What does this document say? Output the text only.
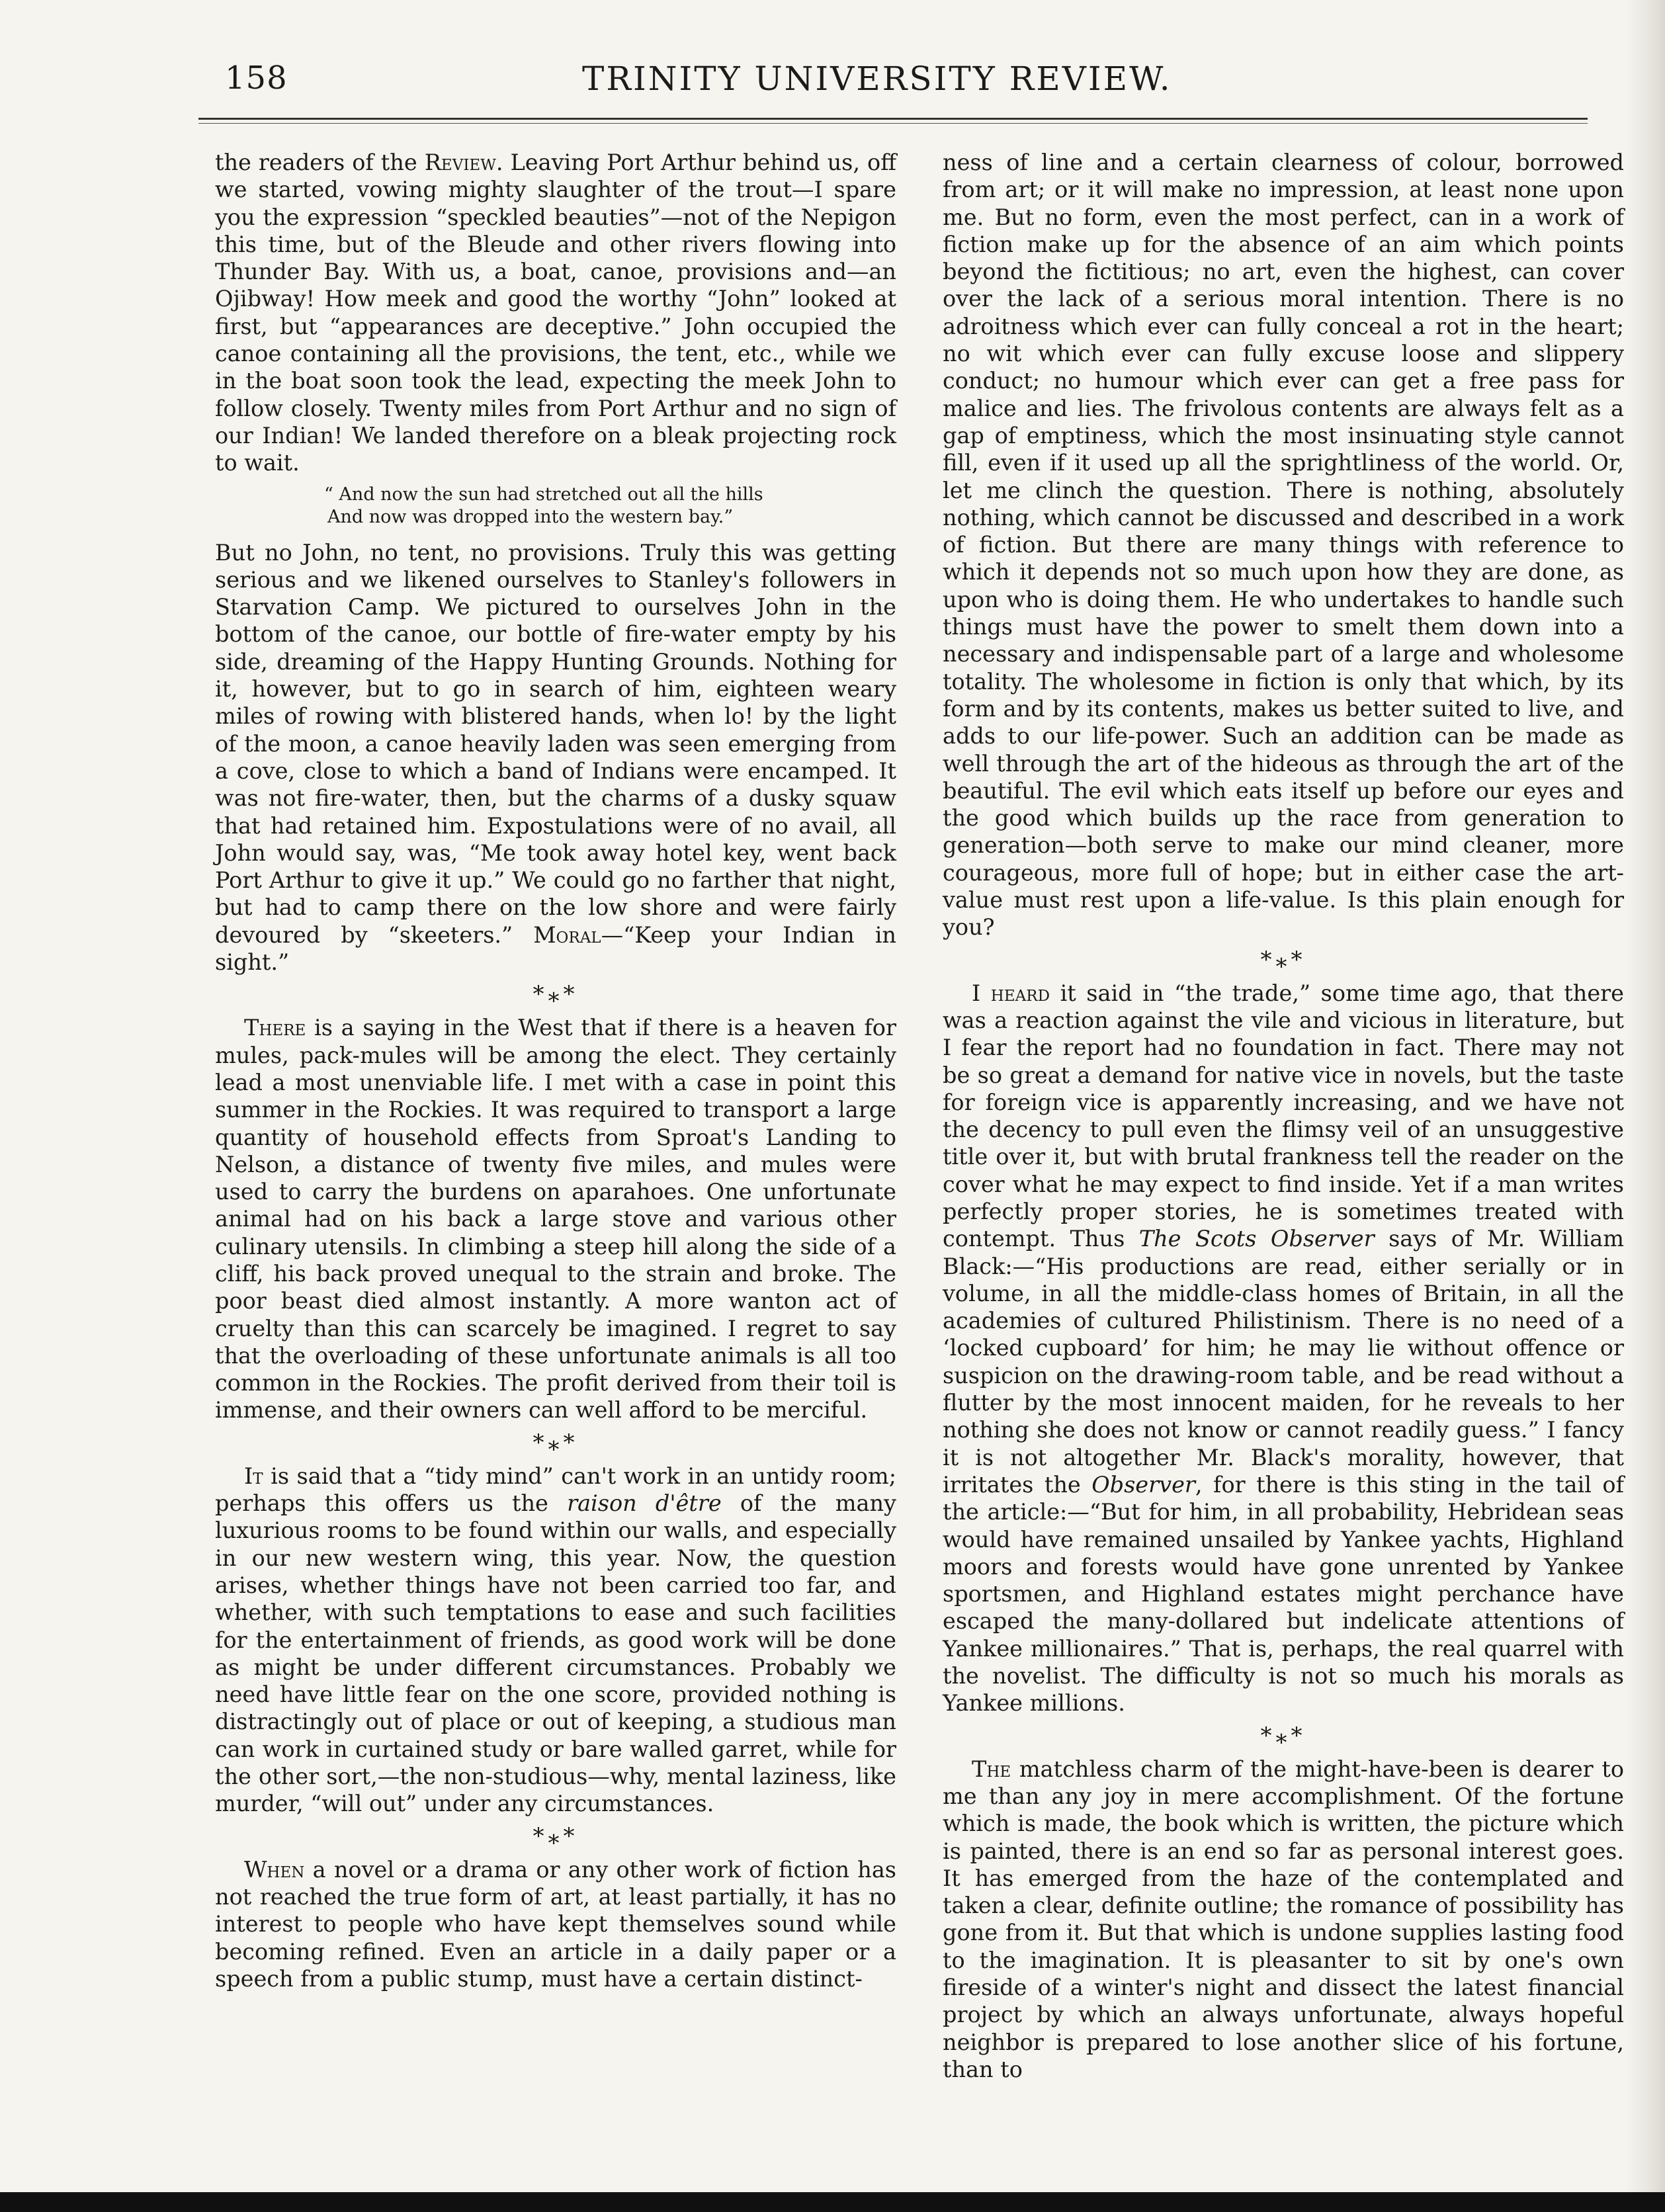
158	TRINITY UNIVERSITY REVIEW.

the readers of the Review. Leaving Port Arthur behind us, off we started, vowing mighty slaughter of the trout—I spare you the expression “speckled beauties”—not of the Nepigon this time, but of the Bleude and other rivers flowing into Thunder Bay. With us, a boat, canoe, provisions and—an Ojibway! How meek and good the worthy “John” looked at first, but “appearances are deceptive.” John occupied the canoe containing all the provisions, the tent, etc., while we in the boat soon took the lead, expecting the meek John to follow closely. Twenty miles from Port Arthur and no sign of our Indian! We landed therefore on a bleak projecting rock to wait.

“ And now the sun had stretched out all the hills
And now was dropped into the western bay.”

But no John, no tent, no provisions. Truly this was getting serious and we likened ourselves to Stanley's followers in Starvation Camp. We pictured to ourselves John in the bottom of the canoe, our bottle of fire-water empty by his side, dreaming of the Happy Hunting Grounds. Nothing for it, however, but to go in search of him, eighteen weary miles of rowing with blistered hands, when lo! by the light of the moon, a canoe heavily laden was seen emerging from a cove, close to which a band of Indians were encamped. It was not fire-water, then, but the charms of a dusky squaw that had retained him. Expostulations were of no avail, all John would say, was, “Me took away hotel key, went back Port Arthur to give it up.” We could go no farther that night, but had to camp there on the low shore and were fairly devoured by “skeeters.” Moral—“Keep your Indian in sight.”

*⁎*

There is a saying in the West that if there is a heaven for mules, pack-mules will be among the elect. They certainly lead a most unenviable life. I met with a case in point this summer in the Rockies. It was required to transport a large quantity of household effects from Sproat's Landing to Nelson, a distance of twenty five miles, and mules were used to carry the burdens on aparahoes. One unfortunate animal had on his back a large stove and various other culinary utensils. In climbing a steep hill along the side of a cliff, his back proved unequal to the strain and broke. The poor beast died almost instantly. A more wanton act of cruelty than this can scarcely be imagined. I regret to say that the overloading of these unfortunate animals is all too common in the Rockies. The profit derived from their toil is immense, and their owners can well afford to be merciful.

*⁎*

It is said that a “tidy mind” can't work in an untidy room; perhaps this offers us the raison d'être of the many luxurious rooms to be found within our walls, and especially in our new western wing, this year. Now, the question arises, whether things have not been carried too far, and whether, with such temptations to ease and such facilities for the entertainment of friends, as good work will be done as might be under different circumstances. Probably we need have little fear on the one score, provided nothing is distractingly out of place or out of keeping, a studious man can work in curtained study or bare walled garret, while for the other sort,—the non-studious—why, mental laziness, like murder, “will out” under any circumstances.

*⁎*

When a novel or a drama or any other work of fiction has not reached the true form of art, at least partially, it has no interest to people who have kept themselves sound while becoming refined. Even an article in a daily paper or a speech from a public stump, must have a certain distinct-

ness of line and a certain clearness of colour, borrowed from art; or it will make no impression, at least none upon me. But no form, even the most perfect, can in a work of fiction make up for the absence of an aim which points beyond the fictitious; no art, even the highest, can cover over the lack of a serious moral intention. There is no adroitness which ever can fully conceal a rot in the heart; no wit which ever can fully excuse loose and slippery conduct; no humour which ever can get a free pass for malice and lies. The frivolous contents are always felt as a gap of emptiness, which the most insinuating style cannot fill, even if it used up all the sprightliness of the world. Or, let me clinch the question. There is nothing, absolutely nothing, which cannot be discussed and described in a work of fiction. But there are many things with reference to which it depends not so much upon how they are done, as upon who is doing them. He who undertakes to handle such things must have the power to smelt them down into a necessary and indispensable part of a large and wholesome totality. The wholesome in fiction is only that which, by its form and by its contents, makes us better suited to live, and adds to our life-power. Such an addition can be made as well through the art of the hideous as through the art of the beautiful. The evil which eats itself up before our eyes and the good which builds up the race from generation to generation—both serve to make our mind cleaner, more courageous, more full of hope; but in either case the art-value must rest upon a life-value. Is this plain enough for you?

*⁎*

I heard it said in “the trade,” some time ago, that there was a reaction against the vile and vicious in literature, but I fear the report had no foundation in fact. There may not be so great a demand for native vice in novels, but the taste for foreign vice is apparently increasing, and we have not the decency to pull even the flimsy veil of an unsuggestive title over it, but with brutal frankness tell the reader on the cover what he may expect to find inside. Yet if a man writes perfectly proper stories, he is sometimes treated with contempt. Thus The Scots Observer says of Mr. William Black:—“His productions are read, either serially or in volume, in all the middle-class homes of Britain, in all the academies of cultured Philistinism. There is no need of a ‘locked cupboard’ for him; he may lie without offence or suspicion on the drawing-room table, and be read without a flutter by the most innocent maiden, for he reveals to her nothing she does not know or cannot readily guess.” I fancy it is not altogether Mr. Black's morality, however, that irritates the Observer, for there is this sting in the tail of the article:—“But for him, in all probability, Hebridean seas would have remained unsailed by Yankee yachts, Highland moors and forests would have gone unrented by Yankee sportsmen, and Highland estates might perchance have escaped the many-dollared but indelicate attentions of Yankee millionaires.” That is, perhaps, the real quarrel with the novelist. The difficulty is not so much his morals as Yankee millions.

*⁎*

The matchless charm of the might-have-been is dearer to me than any joy in mere accomplishment. Of the fortune which is made, the book which is written, the picture which is painted, there is an end so far as personal interest goes. It has emerged from the haze of the contemplated and taken a clear, definite outline; the romance of possibility has gone from it. But that which is undone supplies lasting food to the imagination. It is pleasanter to sit by one's own fireside of a winter's night and dissect the latest financial project by which an always unfortunate, always hopeful neighbor is prepared to lose another slice of his fortune, than to
